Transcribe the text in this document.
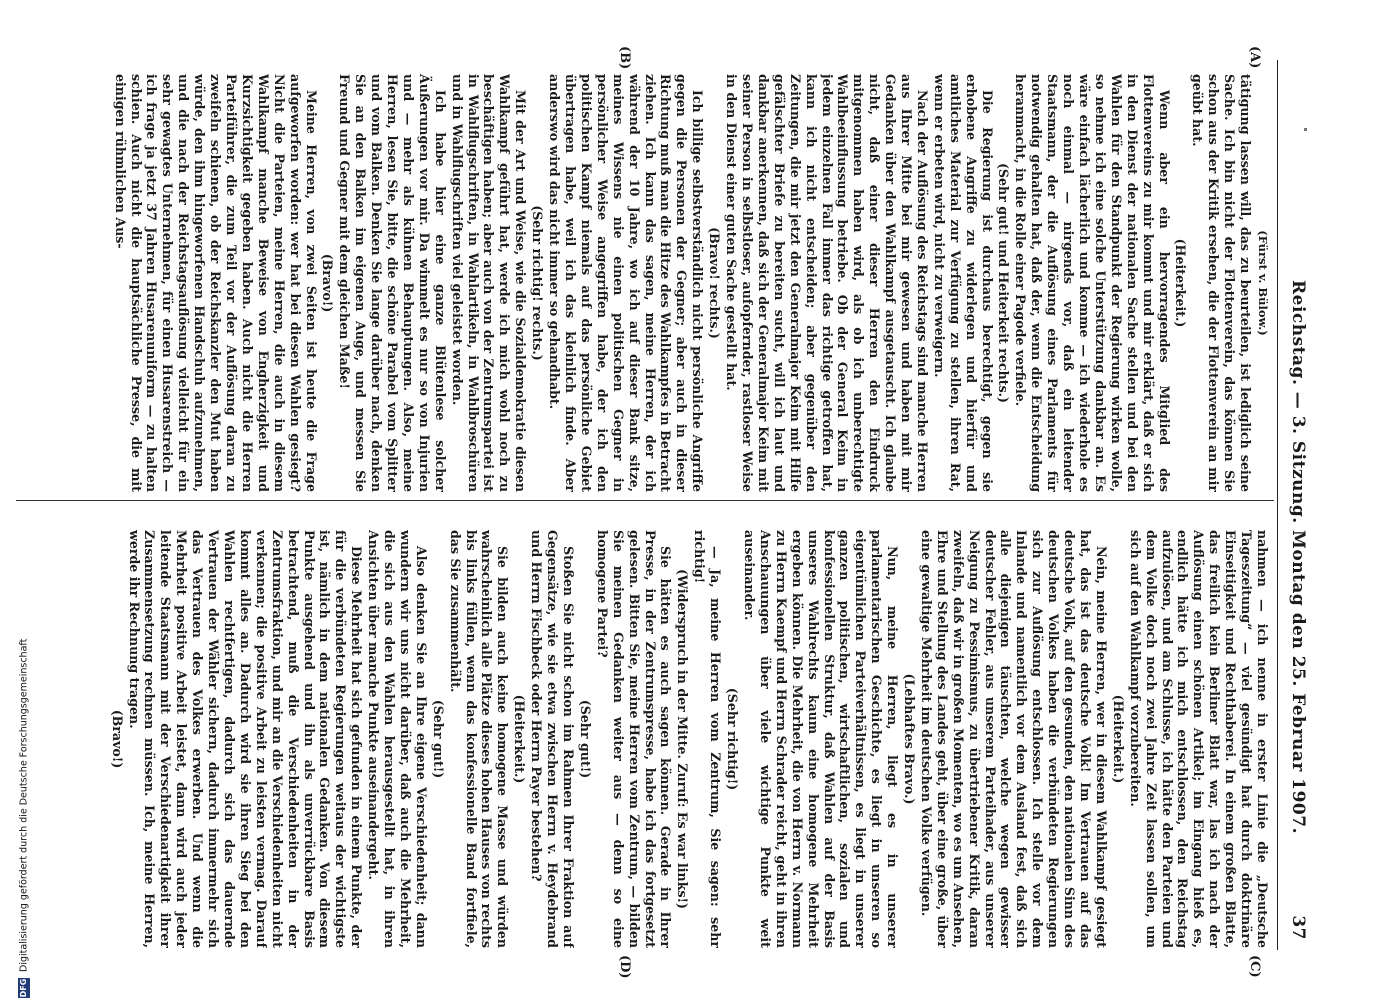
Reichstag. — 3. Sitzung. Montag den 25. Februar 1907.
37
(A)
(B)
(C)
(D)

(Fürst v. Bülow.)

tätigung lassen will, das zu beurteilen, ist lediglich seine Sache. Ich bin nicht der Flottenverein, das können Sie schon aus der Kritik ersehen, die der Flottenverein an mir geübt hat.

(Heiterkeit.)

Wenn aber ein hervorragendes Mitglied des Flottenvereins zu mir kommt und mir erklärt, daß er sich in den Dienst der nationalen Sache stellen und bei den Wahlen für den Standpunkt der Regierung wirken wolle, so nehme ich eine solche Unterstützung dankbar an. Es wäre einfach lächerlich und komme — ich wiederhole es noch einmal — nirgends vor, daß ein leitender Staatsmann, der die Auflösung eines Parlaments für notwendig gehalten hat, daß der, wenn die Entscheidung heranmacht, in die Rolle einer Pagode verfiele.

(Sehr gut! und Heiterkeit rechts.)

Die Regierung ist durchaus berechtigt, gegen sie erhobene Angriffe zu widerlegen und hierfür und amtliches Material zur Verfügung zu stellen, ihren Rat, wenn er erbeten wird, nicht zu verweigern.

Nach der Auflösung des Reichstags sind manche Herren aus Ihrer Mitte bei mir gewesen und haben mit mir Gedanken über den Wahlkampf ausgetauscht. Ich glaube nicht, daß einer dieser Herren den Eindruck mitgenommen haben wird, als ob ich unberechtigte Wahlbeeinflussung betriebe. Ob der General Keim in jedem einzelnen Fall immer das richtige getroffen hat, kann ich nicht entscheiden; aber gegenüber den Zeitungen, die mir jetzt den Generalmajor Keim mit Hilfe gefälschter Briefe zu bereiten sucht, will ich laut und dankbar anerkennen, daß sich der Generalmajor Keim mit seiner Person in selbstloser, aufopfernder, rastloser Weise in den Dienst einer guten Sache gestellt hat.

(Bravo! rechts.)

Ich billige selbstverständlich nicht persönliche Angriffe gegen die Personen der Gegner; aber auch in dieser Richtung muß man die Hitze des Wahlkampfes in Betracht ziehen. Ich kann das sagen, meine Herren, der ich während der 10 Jahre, wo ich auf dieser Bank sitze, meines Wissens nie einen politischen Gegner in persönlicher Weise angegriffen habe, der ich den politischen Kampf niemals auf das persönliche Gebiet übertragen habe, weil ich das kleinlich finde. Aber anderswo wird das nicht immer so gehandhabt.

(Sehr richtig! rechts.)

Mit der Art und Weise, wie die Sozialdemokratie diesen Wahlkampf geführt hat, werde ich mich wohl noch zu beschäftigen haben; aber auch von der Zentrumspartei ist in Wahlflugschriften, in Wahlartikeln, in Wahlbroschüren und in Wahlflugschriften viel geleistet worden.

Ich habe hier eine ganze Blütenlese solcher Äußerungen vor mir. Da wimmelt es nur so von Injurien und — mehr als kühnen Behauptungen. Also, meine Herren, lesen Sie, bitte, die schöne Parabel vom Splitter und vom Balken. Denken Sie lange darüber nach, denken Sie an den Balken im eigenen Auge, und messen Sie Freund und Gegner mit dem gleichen Maße!

(Bravo!)

Meine Herren, von zwei Seiten ist heute die Frage aufgeworfen worden: wer hat bei diesen Wahlen gesiegt? Nicht die Parteien, meine Herren, die auch in diesem Wahlkampf manche Beweise von Engherzigkeit und Kurzsichtigkeit gegeben haben. Auch nicht die Herren Parteiführer, die zum Teil vor der Auflösung daran zu zweifeln schienen, ob der Reichskanzler den Mut haben würde, den ihm hingeworfenen Handschuh aufzunehmen, und die nach der Reichstagsauflösung vielleicht für ein sehr gewagtes Unternehmen, für einen Husarenstreich — ich frage ja jetzt 37 Jahren Husarenuniform — zu halten schien. Auch nicht die hauptsächliche Presse, die mit einigen rühmlichen Aus-

nahmen — ich nenne in erster Linie die „Deutsche Tageszeitung“ — viel gesündigt hat durch doktrinäre Einseitigkeit und Rechthaberei. In einem großen Blatte, das freilich kein Berliner Blatt war, las ich nach der Auflösung einen schönen Artikel; im Eingang hieß es, endlich hätte ich mich entschlossen, den Reichstag aufzulösen, und am Schlusse, ich hätte den Parteien und dem Volke doch noch zwei Jahre Zeit lassen sollen, um sich auf den Wahlkampf vorzubereiten.

(Heiterkeit.)

Nein, meine Herren, wer in diesem Wahlkampf gesiegt hat, das ist das deutsche Volk! Im Vertrauen auf das deutsche Volk, auf den gesunden, den nationalen Sinn des deutschen Volkes haben die verbündeten Regierungen sich zur Auflösung entschlossen. Ich stelle vor dem Inlande und namentlich vor dem Ausland fest, daß sich alle diejenigen täuschten, welche wegen gewisser deutscher Fehler, aus unserem Parteihader, aus unserer Neigung zu Pessimismus, zu übertriebener Kritik, daran zweifeln, daß wir in großen Momenten, wo es um Ansehen, Ehre und Stellung des Landes geht, über eine große, über eine gewaltige Mehrheit im deutschen Volke verfügen.

(Lebhaftes Bravo.)

Nun, meine Herren, liegt es in unserer parlamentarischen Geschichte, es liegt in unseren so eigentümlichen Parteiverhältnissen, es liegt in unserer ganzen politischen, wirtschaftlichen, sozialen und konfessionellen Struktur, daß Wahlen auf der Basis unseres Wahlrechts kaum eine homogene Mehrheit ergeben können. Die Mehrheit, die von Herrn v. Normann zu Herrn Kaempf und Herrn Schrader reicht, geht in ihren Anschauungen über viele wichtige Punkte weit auseinander.

(Sehr richtig!)

— Ja, meine Herren vom Zentrum, Sie sagen: sehr richtig!

(Widerspruch in der Mitte. Zuruf: Es war links!)

Sie hätten es auch sagen können. Gerade in Ihrer Presse, in der Zentrumspresse, habe ich das fortgesetzt gelesen. Bitten Sie, meine Herren vom Zentrum, — bilden Sie meinen Gedanken weiter aus — denn so eine homogene Partei?

(Sehr gut!)

Stoßen Sie nicht schon im Rahmen Ihrer Fraktion auf Gegensätze, wie sie etwa zwischen Herrn v. Heydebrand und Herrn Fischbeck oder Herrn Payer bestehen?

(Heiterkeit.)

Sie bilden auch keine homogene Masse und würden wahrscheinlich alle Plätze dieses hohen Hauses von rechts bis links füllen, wenn das konfessionelle Band fortfiele, das Sie zusammenhält.

(Sehr gut!)

Also denken Sie an Ihre eigene Verschiedenheit; dann wundern wir uns nicht darüber, daß auch die Mehrheit, die sich aus den Wahlen herausgestellt hat, in ihren Ansichten über manche Punkte auseinandergeht.

Diese Mehrheit hat sich gefunden in einem Punkte, der für die verbündeten Regierungen weitaus der wichtigste ist, nämlich in dem nationalen Gedanken. Von diesem Punkte ausgehend und ihn als unverrückbare Basis betrachtend, muß die Verschiedenheiten in der Zentrumsfraktion, und mir an die Verschiedenheiten nicht verkennen; die positive Arbeit zu leisten vermag. Darauf kommt alles an. Dadurch wird sie ihren Sieg bei den Wahlen rechtfertigen, dadurch sich das dauernde Vertrauen der Wähler sichern, dadurch immermehr sich das Vertrauen des Volkes erwerben. Und wenn die Mehrheit positive Arbeit leistet, dann wird auch jeder leitende Staatsmann mit der Verschiedenartigkeit ihrer Zusammensetzung rechnen müssen. Ich, meine Herren, werde ihr Rechnung tragen.

(Bravo!)

DFGDigitalisierung gefördert durch die Deutsche Forschungsgemeinschaft
